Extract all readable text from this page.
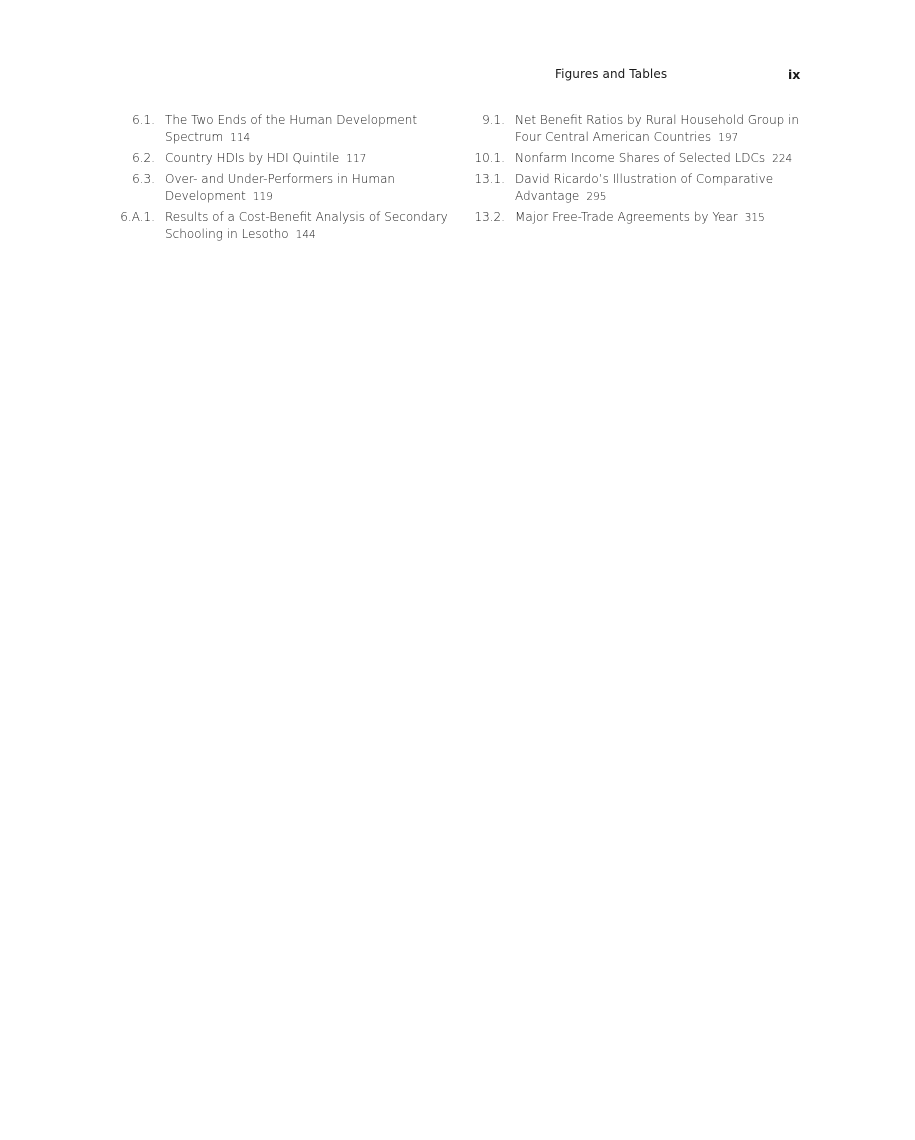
Figures and Tables	ix
6.1. The Two Ends of the Human Development Spectrum 114
6.2. Country HDIs by HDI Quintile 117
6.3. Over- and Under-Performers in Human Development 119
6.A.1. Results of a Cost-Benefit Analysis of Secondary Schooling in Lesotho 144
9.1. Net Benefit Ratios by Rural Household Group in Four Central American Countries 197
10.1. Nonfarm Income Shares of Selected LDCs 224
13.1. David Ricardo’s Illustration of Comparative Advantage 295
13.2. Major Free-Trade Agreements by Year 315
